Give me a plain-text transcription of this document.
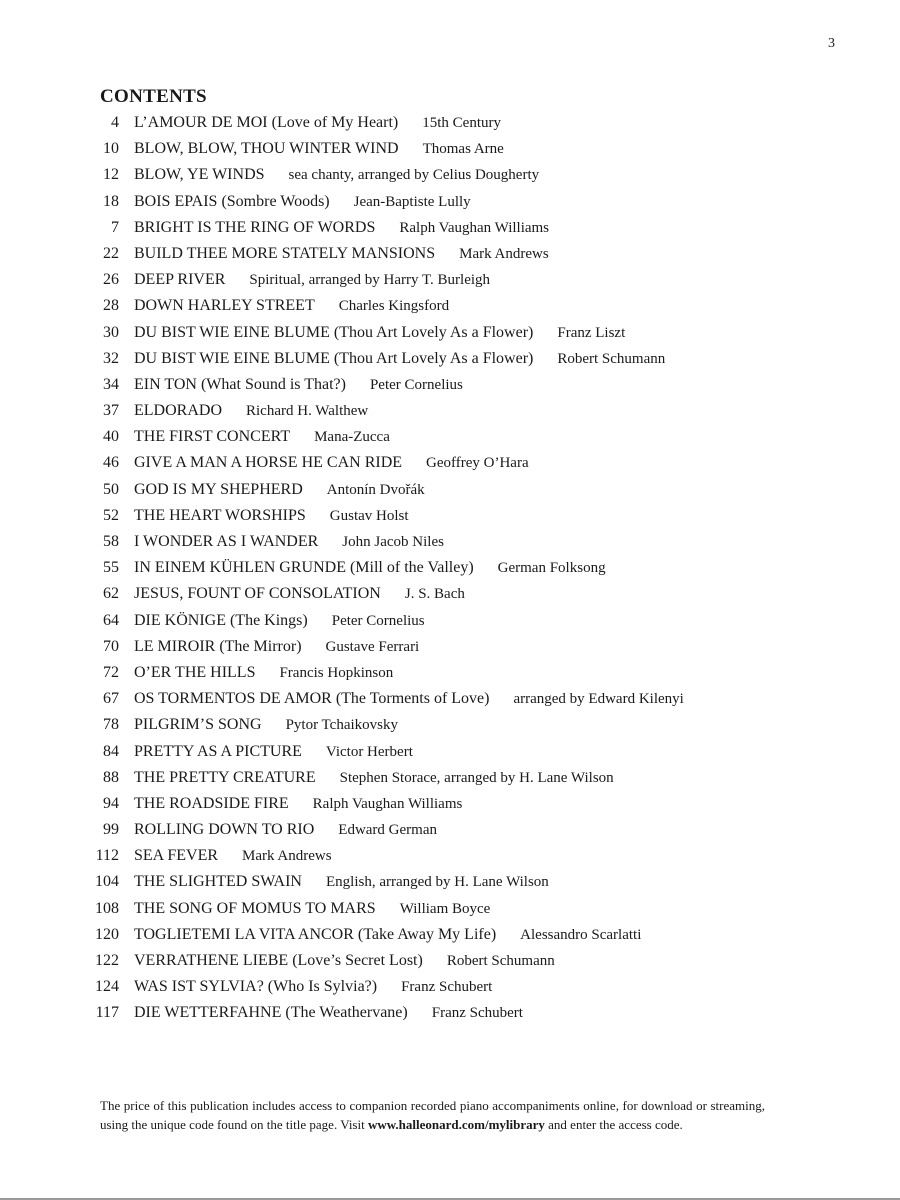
3
CONTENTS
4 L’AMOUR DE MOI (Love of My Heart)	15th Century
10 BLOW, BLOW, THOU WINTER WIND	Thomas Arne
12 BLOW, YE WINDS	sea chanty, arranged by Celius Dougherty
18 BOIS EPAIS (Sombre Woods)	Jean-Baptiste Lully
7 BRIGHT IS THE RING OF WORDS	Ralph Vaughan Williams
22 BUILD THEE MORE STATELY MANSIONS	Mark Andrews
26 DEEP RIVER	Spiritual, arranged by Harry T. Burleigh
28 DOWN HARLEY STREET	Charles Kingsford
30 DU BIST WIE EINE BLUME (Thou Art Lovely As a Flower)	Franz Liszt
32 DU BIST WIE EINE BLUME (Thou Art Lovely As a Flower)	Robert Schumann
34 EIN TON (What Sound is That?)	Peter Cornelius
37 ELDORADO	Richard H. Walthew
40 THE FIRST CONCERT	Mana-Zucca
46 GIVE A MAN A HORSE HE CAN RIDE	Geoffrey O’Hara
50 GOD IS MY SHEPHERD	Antonín Dvořák
52 THE HEART WORSHIPS	Gustav Holst
58 I WONDER AS I WANDER	John Jacob Niles
55 IN EINEM KÜHLEN GRUNDE (Mill of the Valley)	German Folksong
62 JESUS, FOUNT OF CONSOLATION	J. S. Bach
64 DIE KÖNIGE (The Kings)	Peter Cornelius
70 LE MIROIR (The Mirror)	Gustave Ferrari
72 O’ER THE HILLS	Francis Hopkinson
67 OS TORMENTOS DE AMOR (The Torments of Love)	arranged by Edward Kilenyi
78 PILGRIM’S SONG	Pytor Tchaikovsky
84 PRETTY AS A PICTURE	Victor Herbert
88 THE PRETTY CREATURE	Stephen Storace, arranged by H. Lane Wilson
94 THE ROADSIDE FIRE	Ralph Vaughan Williams
99 ROLLING DOWN TO RIO	Edward German
112 SEA FEVER	Mark Andrews
104 THE SLIGHTED SWAIN	English, arranged by H. Lane Wilson
108 THE SONG OF MOMUS TO MARS	William Boyce
120 TOGLIETEMI LA VITA ANCOR (Take Away My Life)	Alessandro Scarlatti
122 VERRATHENE LIEBE (Love’s Secret Lost)	Robert Schumann
124 WAS IST SYLVIA? (Who Is Sylvia?)	Franz Schubert
117 DIE WETTERFAHNE (The Weathervane)	Franz Schubert

The price of this publication includes access to companion recorded piano accompaniments online, for download or streaming, using the unique code found on the title page. Visit www.halleonard.com/mylibrary and enter the access code.
